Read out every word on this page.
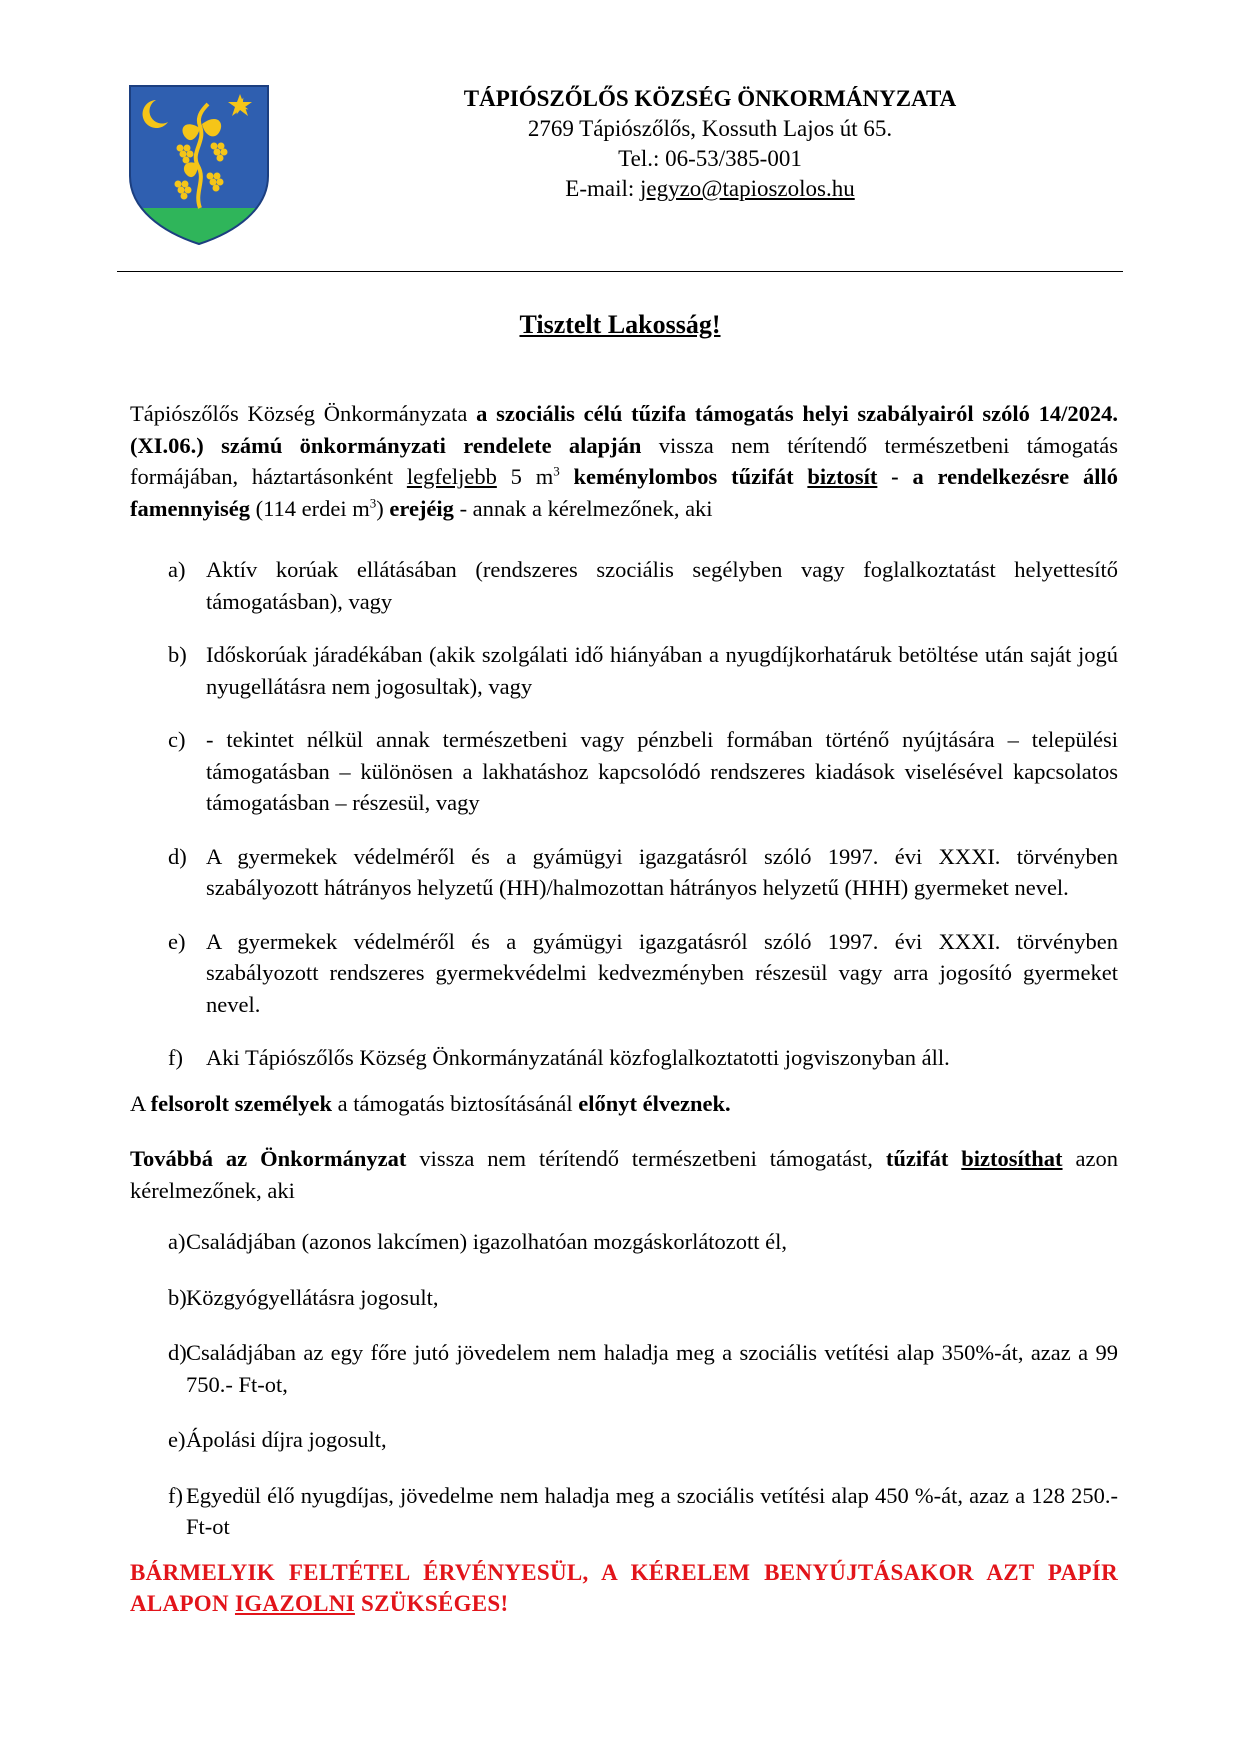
TÁPIÓSZŐLŐS KÖZSÉG ÖNKORMÁNYZATA
2769 Tápiószőlős, Kossuth Lajos út 65.
Tel.: 06-53/385-001
E-mail: jegyzo@tapioszolos.hu
Tisztelt Lakosság!

Tápiószőlős Község Önkormányzata a szociális célú tűzifa támogatás helyi szabályairól szóló 14/2024. (XI.06.) számú önkormányzati rendelete alapján vissza nem térítendő természetbeni támogatás formájában, háztartásonként legfeljebb 5 $m^3$ keménylombos tűzifát biztosít - a rendelkezésre álló famennyiség (114 erdei $m^3$) erejéig - annak a kérelmezőnek, aki

a) Aktív korúak ellátásában (rendszeres szociális segélyben vagy foglalkoztatást helyettesítő támogatásban), vagy
b) Időskorúak járadékában (akik szolgálati idő hiányában a nyugdíjkorhatáruk betöltése után saját jogú nyugellátásra nem jogosultak), vagy
c) - tekintet nélkül annak természetbeni vagy pénzbeli formában történő nyújtására – települési támogatásban – különösen a lakhatáshoz kapcsolódó rendszeres kiadások viselésével kapcsolatos támogatásban – részesül, vagy
d) A gyermekek védelméről és a gyámügyi igazgatásról szóló 1997. évi XXXI. törvényben szabályozott hátrányos helyzetű (HH)/halmozottan hátrányos helyzetű (HHH) gyermeket nevel.
e) A gyermekek védelméről és a gyámügyi igazgatásról szóló 1997. évi XXXI. törvényben szabályozott rendszeres gyermekvédelmi kedvezményben részesül vagy arra jogosító gyermeket nevel.
f) Aki Tápiószőlős Község Önkormányzatánál közfoglalkoztatotti jogviszonyban áll.

A felsorolt személyek a támogatás biztosításánál előnyt élveznek.

Továbbá az Önkormányzat vissza nem térítendő természetbeni támogatást, tűzifát biztosíthat azon kérelmezőnek, aki

a) Családjában (azonos lakcímen) igazolhatóan mozgáskorlátozott él,
b) Közgyógyellátásra jogosult,
d) Családjában az egy főre jutó jövedelem nem haladja meg a szociális vetítési alap 350%-át, azaz a 99 750.- Ft-ot,
e) Ápolási díjra jogosult,
f) Egyedül élő nyugdíjas, jövedelme nem haladja meg a szociális vetítési alap 450 %-át, azaz a 128 250.- Ft-ot

BÁRMELYIK FELTÉTEL ÉRVÉNYESÜL, A KÉRELEM BENYÚJTÁSAKOR AZT PAPÍR ALAPON IGAZOLNI SZÜKSÉGES!
